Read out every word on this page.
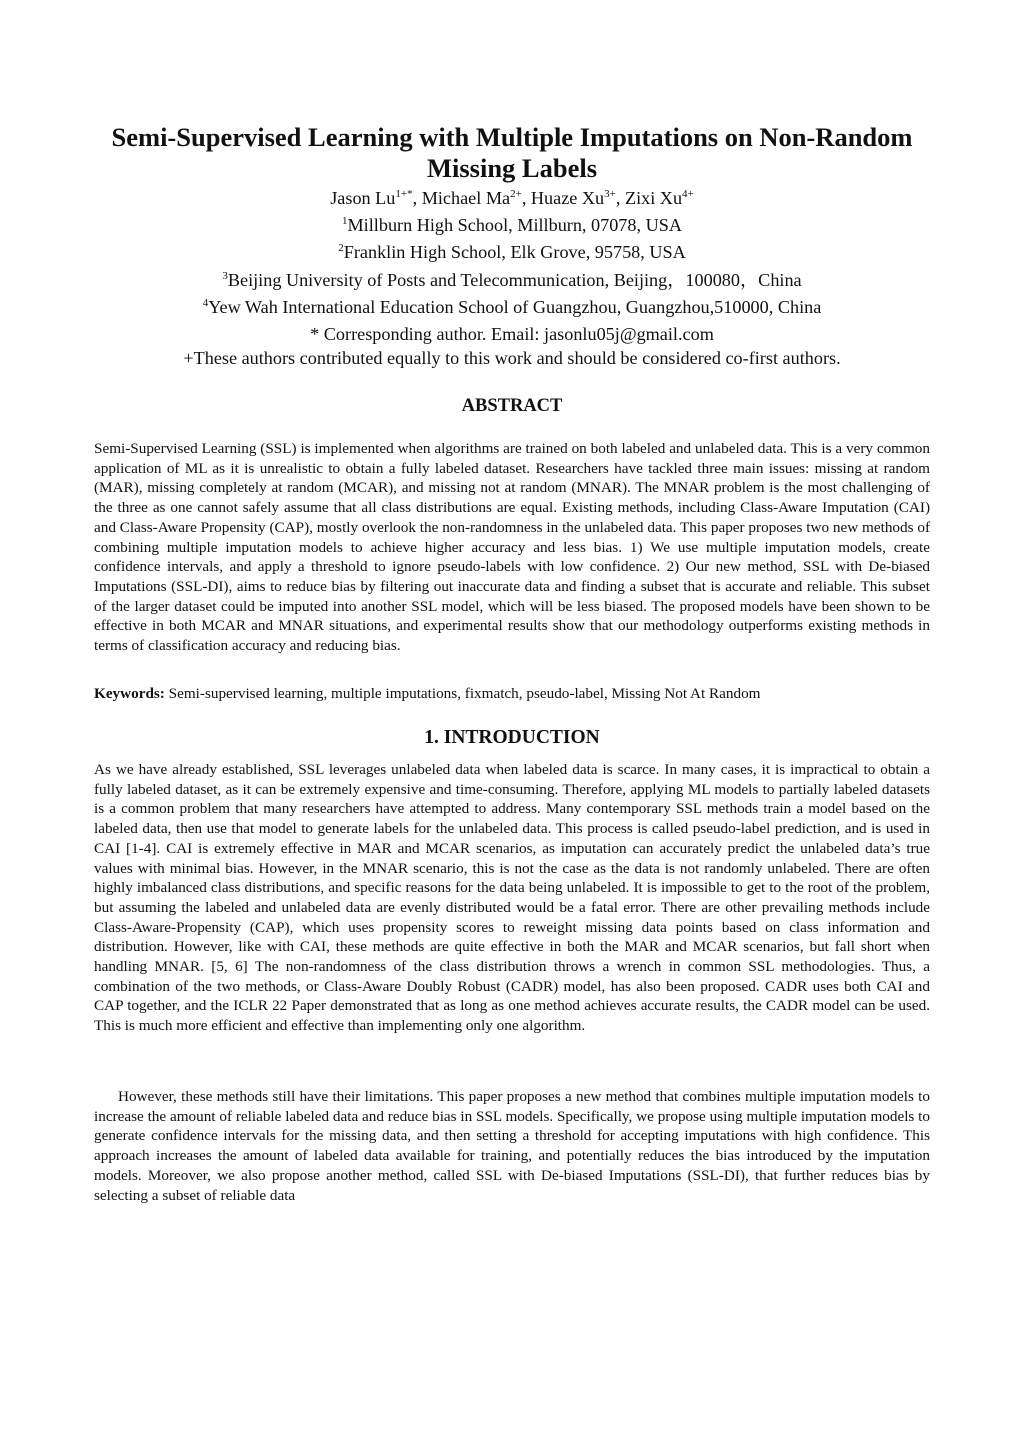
Semi-Supervised Learning with Multiple Imputations on Non-Random Missing Labels
Jason $Lu^{1+*}$, Michael $Ma^{2+}$, Huaze $Xu^{3+}$, Zixi $Xu^{4+}$
$^1$Millburn High School, Millburn, 07078, USA
$^2$Franklin High School, Elk Grove, 95758, USA
$^3$Beijing University of Posts and Telecommunication, Beijing，100080，China
$^4$Yew Wah International Education School of Guangzhou, Guangzhou,510000, China
* Corresponding author. Email: jasonlu05j@gmail.com
+These authors contributed equally to this work and should be considered co-first authors.
ABSTRACT
Semi-Supervised Learning (SSL) is implemented when algorithms are trained on both labeled and unlabeled data. This is a very common application of ML as it is unrealistic to obtain a fully labeled dataset. Researchers have tackled three main issues: missing at random (MAR), missing completely at random (MCAR), and missing not at random (MNAR). The MNAR problem is the most challenging of the three as one cannot safely assume that all class distributions are equal. Existing methods, including Class-Aware Imputation (CAI) and Class-Aware Propensity (CAP), mostly overlook the non-randomness in the unlabeled data. This paper proposes two new methods of combining multiple imputation models to achieve higher accuracy and less bias. 1) We use multiple imputation models, create confidence intervals, and apply a threshold to ignore pseudo-labels with low confidence. 2) Our new method, SSL with De-biased Imputations (SSL-DI), aims to reduce bias by filtering out inaccurate data and finding a subset that is accurate and reliable. This subset of the larger dataset could be imputed into another SSL model, which will be less biased. The proposed models have been shown to be effective in both MCAR and MNAR situations, and experimental results show that our methodology outperforms existing methods in terms of classification accuracy and reducing bias.
Keywords: Semi-supervised learning, multiple imputations, fixmatch, pseudo-label, Missing Not At Random
1. INTRODUCTION
As we have already established, SSL leverages unlabeled data when labeled data is scarce. In many cases, it is impractical to obtain a fully labeled dataset, as it can be extremely expensive and time-consuming. Therefore, applying ML models to partially labeled datasets is a common problem that many researchers have attempted to address. Many contemporary SSL methods train a model based on the labeled data, then use that model to generate labels for the unlabeled data. This process is called pseudo-label prediction, and is used in CAI [1-4]. CAI is extremely effective in MAR and MCAR scenarios, as imputation can accurately predict the unlabeled data’s true values with minimal bias. However, in the MNAR scenario, this is not the case as the data is not randomly unlabeled. There are often highly imbalanced class distributions, and specific reasons for the data being unlabeled. It is impossible to get to the root of the problem, but assuming the labeled and unlabeled data are evenly distributed would be a fatal error. There are other prevailing methods include Class-Aware-Propensity (CAP), which uses propensity scores to reweight missing data points based on class information and distribution. However, like with CAI, these methods are quite effective in both the MAR and MCAR scenarios, but fall short when handling MNAR. [5, 6] The non-randomness of the class distribution throws a wrench in common SSL methodologies. Thus, a combination of the two methods, or Class-Aware Doubly Robust (CADR) model, has also been proposed. CADR uses both CAI and CAP together, and the ICLR 22 Paper demonstrated that as long as one method achieves accurate results, the CADR model can be used. This is much more efficient and effective than implementing only one algorithm.
However, these methods still have their limitations. This paper proposes a new method that combines multiple imputation models to increase the amount of reliable labeled data and reduce bias in SSL models. Specifically, we propose using multiple imputation models to generate confidence intervals for the missing data, and then setting a threshold for accepting imputations with high confidence. This approach increases the amount of labeled data available for training, and potentially reduces the bias introduced by the imputation models. Moreover, we also propose another method, called SSL with De-biased Imputations (SSL-DI), that further reduces bias by selecting a subset of reliable data
